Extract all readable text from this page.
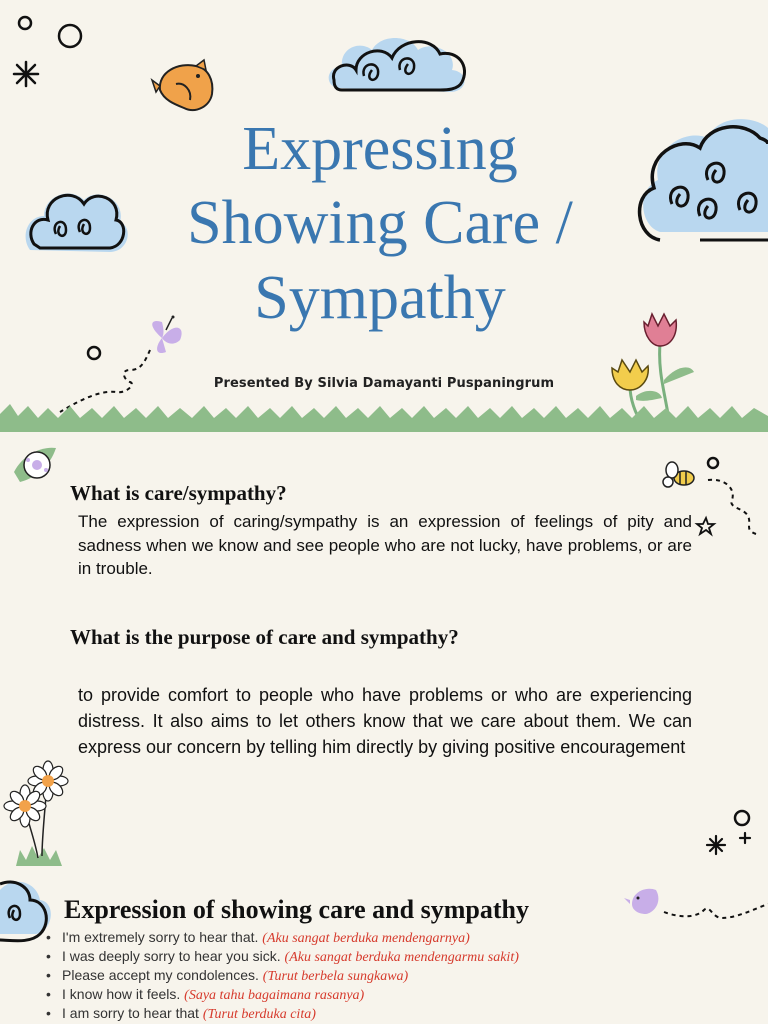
Expressing
Showing Care /
Sympathy
Presented By Silvia Damayanti Puspaningrum
What is care/sympathy?
The expression of caring/sympathy is an expression of feelings of pity and sadness when we know and see people who are not lucky, have problems, or are in trouble.
What is the purpose of care and sympathy?
to provide comfort to people who have problems or who are experiencing distress. It also aims to let others know that we care about them. We can express our concern by telling him directly by giving positive encouragement
Expression of showing care and sympathy
• I'm extremely sorry to hear that. (Aku sangat berduka mendengarnya)
• I was deeply sorry to hear you sick. (Aku sangat berduka mendengarmu sakit)
• Please accept my condolences. (Turut berbela sungkawa)
• I know how it feels. (Saya tahu bagaimana rasanya)
• I am sorry to hear that (Turut berduka cita)
